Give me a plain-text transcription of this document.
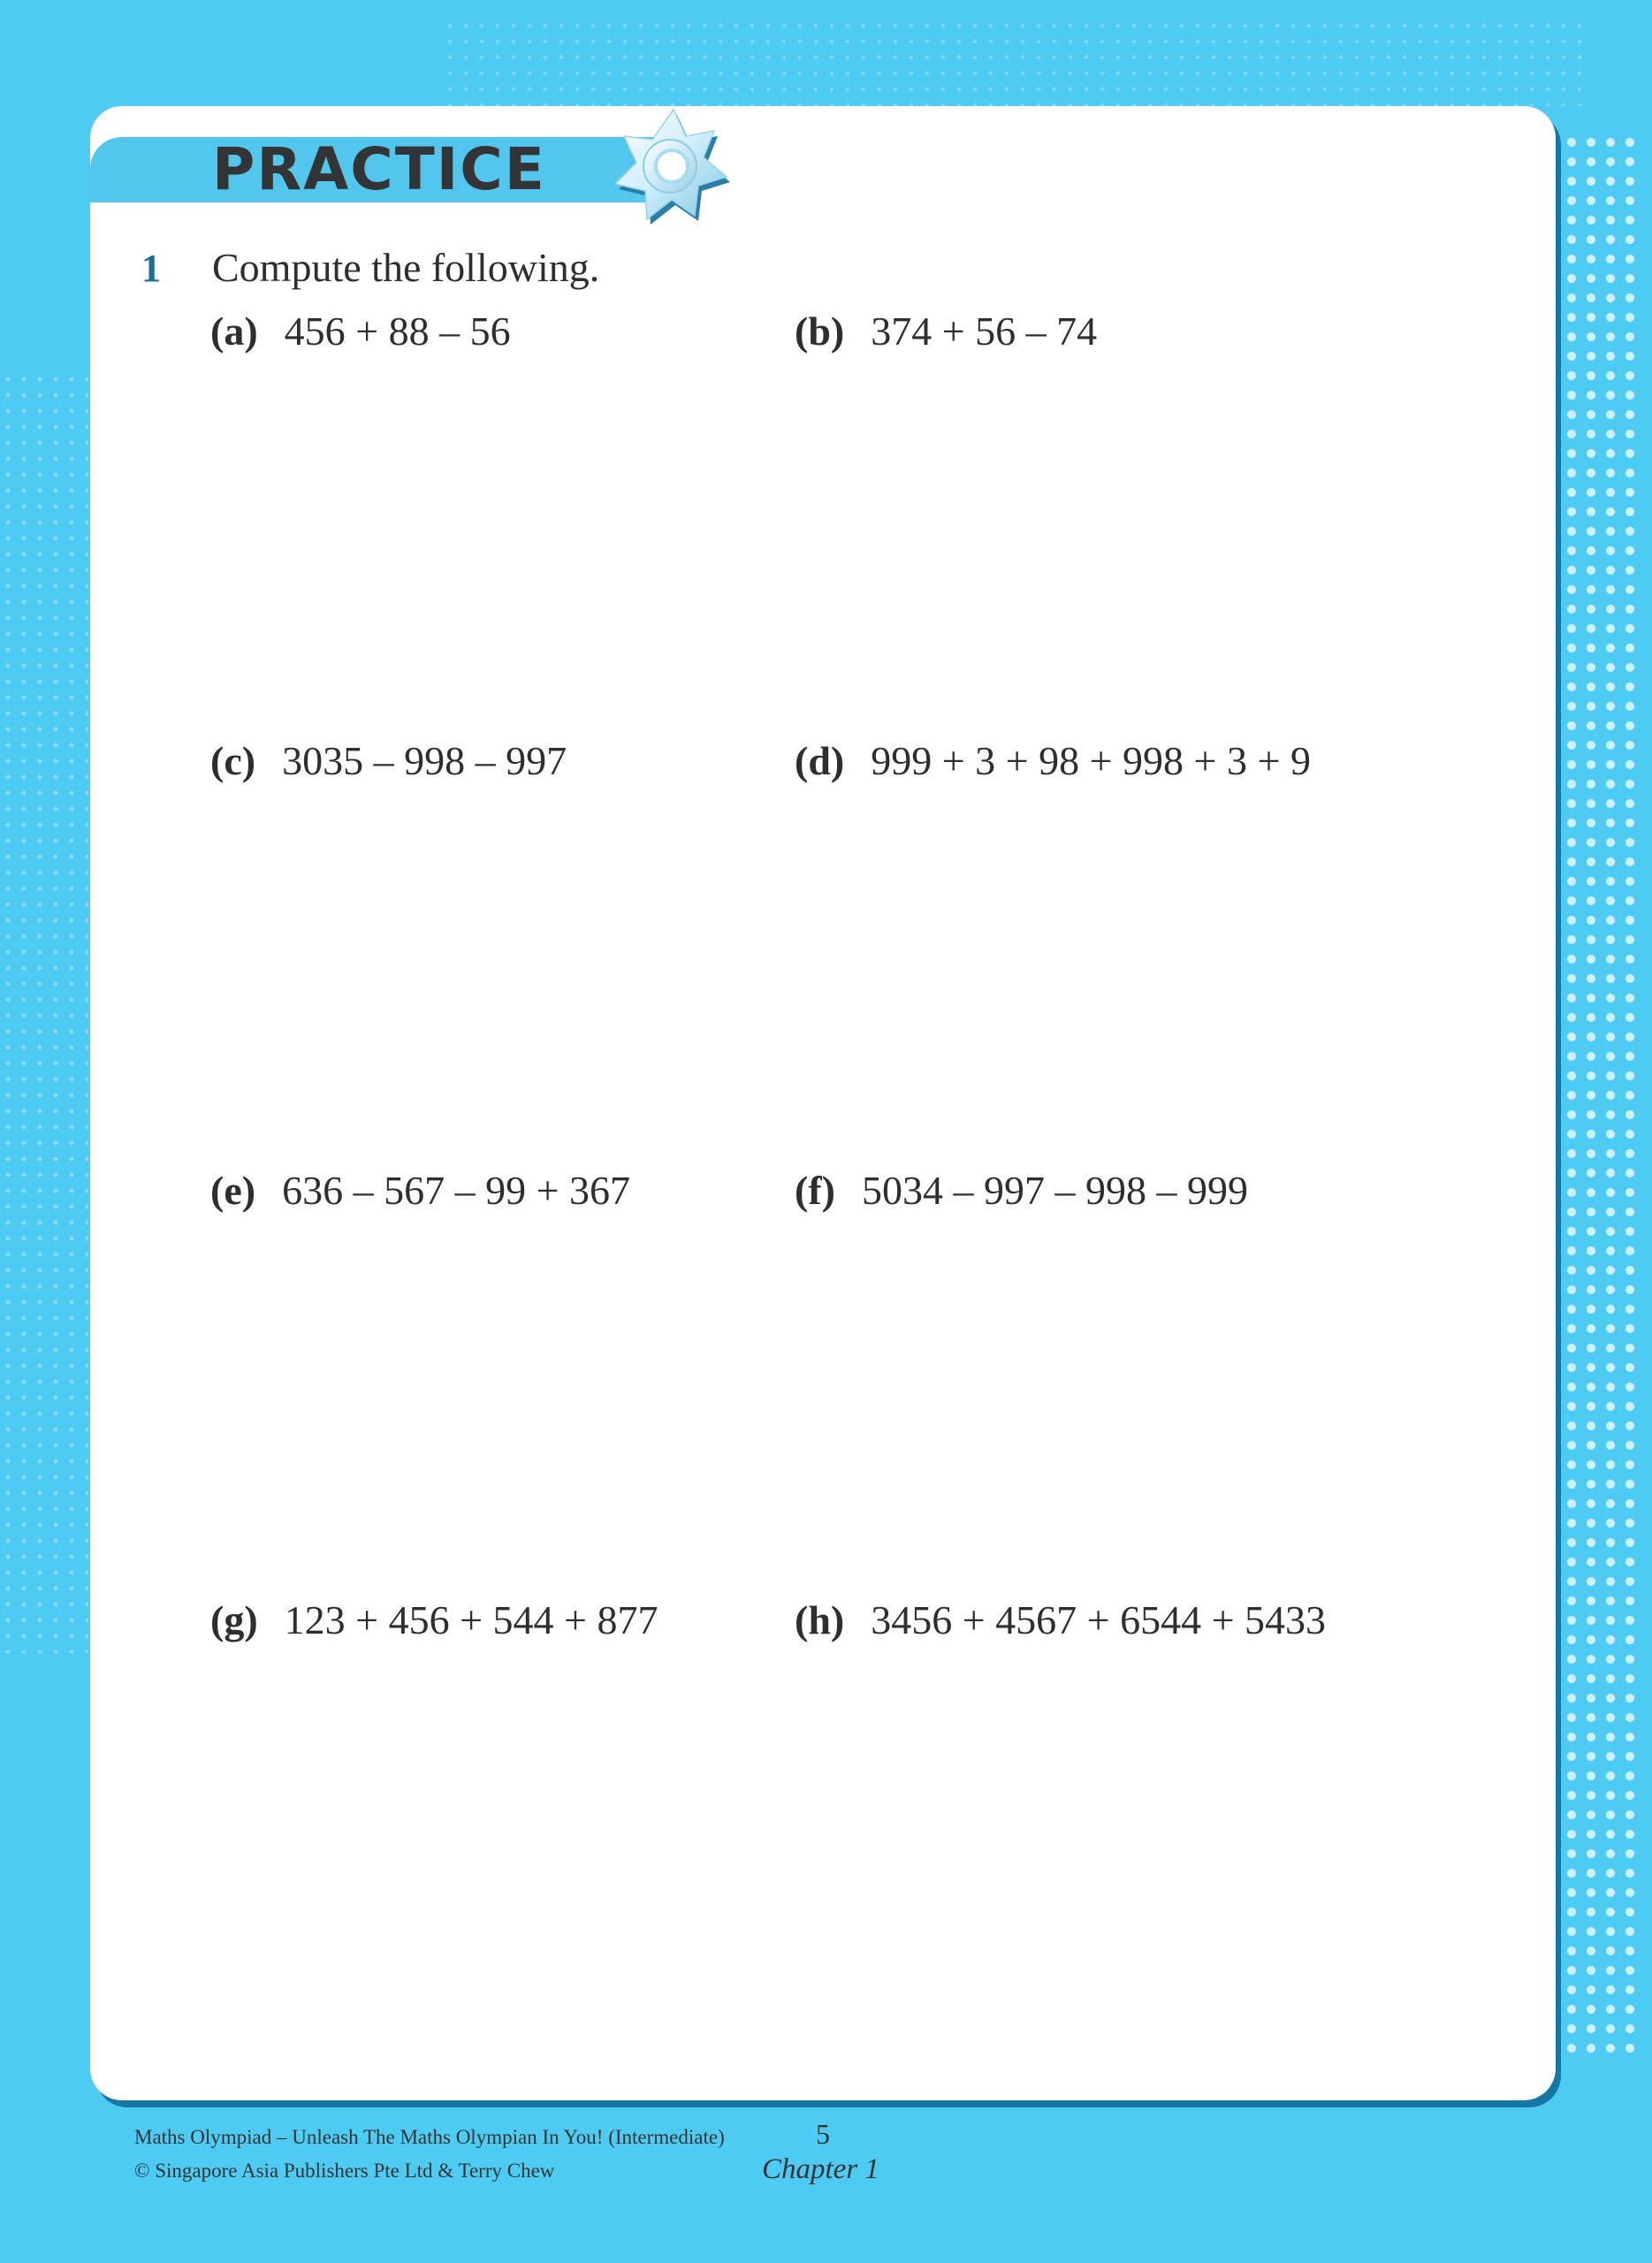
PRACTICE
1 Compute the following.
(a) 456 + 88 – 56	(b) 374 + 56 – 74
(c) 3035 – 998 – 997	(d) 999 + 3 + 98 + 998 + 3 + 9
(e) 636 – 567 – 99 + 367	(f) 5034 – 997 – 998 – 999
(g) 123 + 456 + 544 + 877	(h) 3456 + 4567 + 6544 + 5433
Maths Olympiad – Unleash The Maths Olympian In You! (Intermediate)
© Singapore Asia Publishers Pte Ltd & Terry Chew
5
Chapter 1
